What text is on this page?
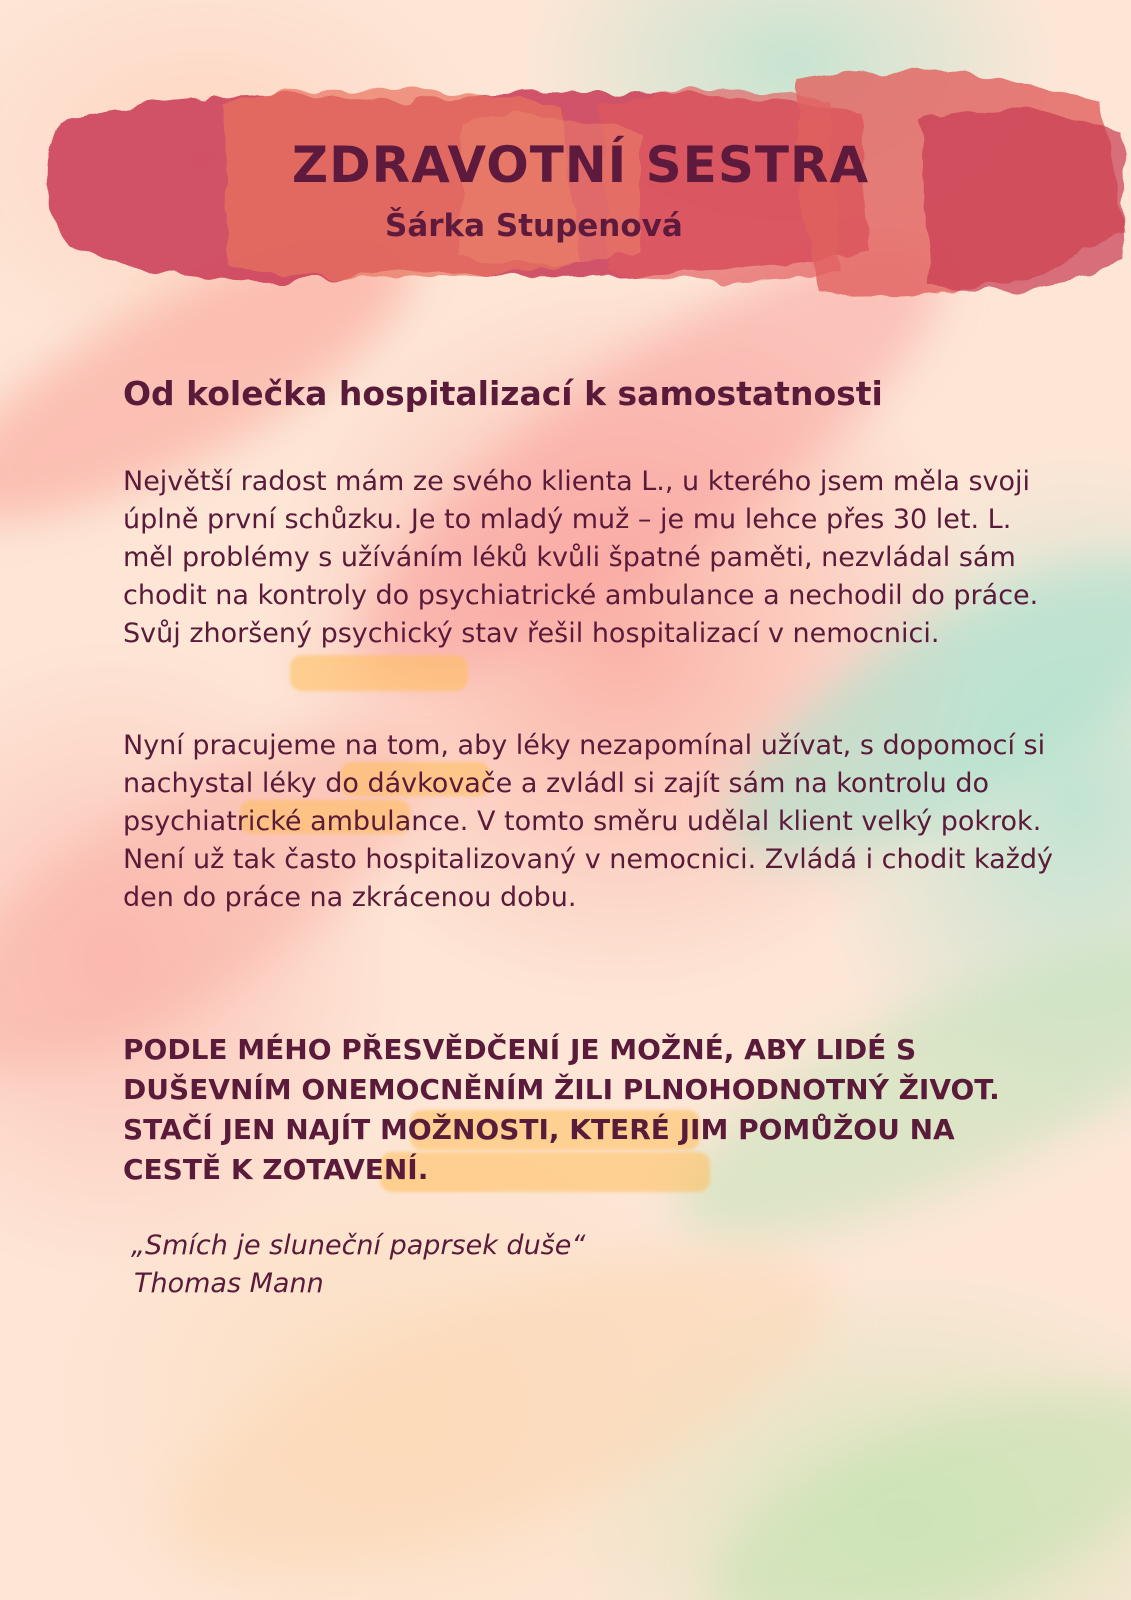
ZDRAVOTNÍ SESTRA
Šárka Stupenová
Od kolečka hospitalizací k samostatnosti

Největší radost mám ze svého klienta L., u kterého jsem měla svoji úplně první schůzku. Je to mladý muž – je mu lehce přes 30 let. L. měl problémy s užíváním léků kvůli špatné paměti, nezvládal sám chodit na kontroly do psychiatrické ambulance a nechodil do práce. Svůj zhoršený psychický stav řešil hospitalizací v nemocnici.

Nyní pracujeme na tom, aby léky nezapomínal užívat, s dopomocí si nachystal léky do dávkovače a zvládl si zajít sám na kontrolu do psychiatrické ambulance. V tomto směru udělal klient velký pokrok. Není už tak často hospitalizovaný v nemocnici. Zvládá i chodit každý den do práce na zkrácenou dobu.

PODLE MÉHO PŘESVĚDČENÍ JE MOŽNÉ, ABY LIDÉ S DUŠEVNÍM ONEMOCNĚNÍM ŽILI PLNOHODNOTNÝ ŽIVOT. STAČÍ JEN NAJÍT MOŽNOSTI, KTERÉ JIM POMŮŽOU NA CESTĚ K ZOTAVENÍ.

„Smích je sluneční paprsek duše“

Thomas Mann
